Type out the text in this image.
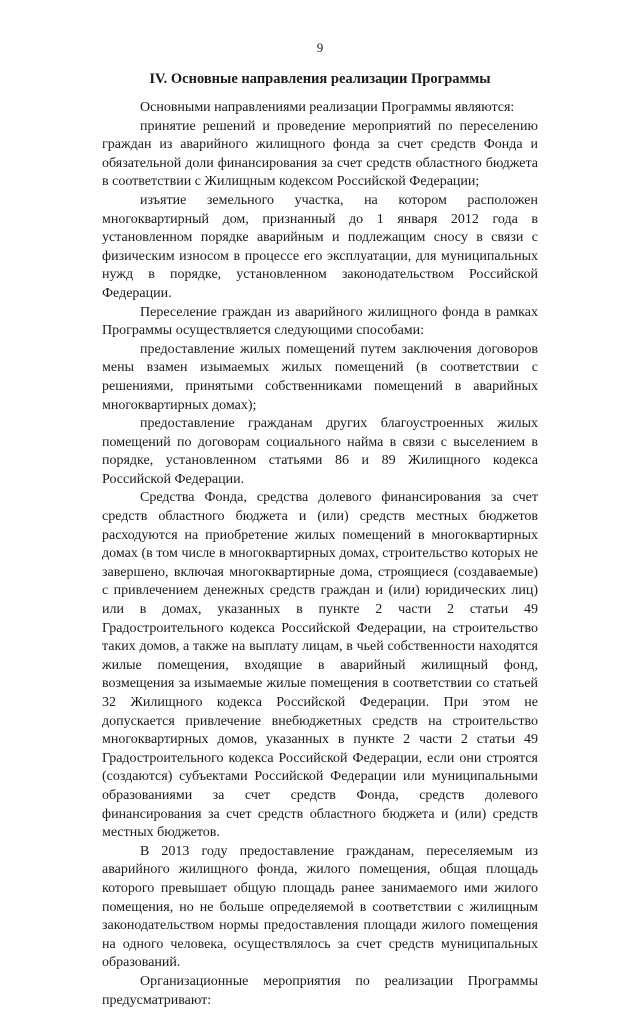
9
IV. Основные направления реализации Программы

Основными направлениями реализации Программы являются:

принятие решений и проведение мероприятий по переселению граждан из аварийного жилищного фонда за счет средств Фонда и обязательной доли финансирования за счет средств областного бюджета в соответствии с Жилищным кодексом Российской Федерации;

изъятие земельного участка, на котором расположен многоквартирный дом, признанный до 1 января 2012 года в установленном порядке аварийным и подлежащим сносу в связи с физическим износом в процессе его эксплуатации, для муниципальных нужд в порядке, установленном законодательством Российской Федерации.

Переселение граждан из аварийного жилищного фонда в рамках Программы осуществляется следующими способами:

предоставление жилых помещений путем заключения договоров мены взамен изымаемых жилых помещений (в соответствии с решениями, принятыми собственниками помещений в аварийных многоквартирных домах);

предоставление гражданам других благоустроенных жилых помещений по договорам социального найма в связи с выселением в порядке, установленном статьями 86 и 89 Жилищного кодекса Российской Федерации.

Средства Фонда, средства долевого финансирования за счет средств областного бюджета и (или) средств местных бюджетов расходуются на приобретение жилых помещений в многоквартирных домах (в том числе в многоквартирных домах, строительство которых не завершено, включая многоквартирные дома, строящиеся (создаваемые) с привлечением денежных средств граждан и (или) юридических лиц) или в домах, указанных в пункте 2 части 2 статьи 49 Градостроительного кодекса Российской Федерации, на строительство таких домов, а также на выплату лицам, в чьей собственности находятся жилые помещения, входящие в аварийный жилищный фонд, возмещения за изымаемые жилые помещения в соответствии со статьей 32 Жилищного кодекса Российской Федерации. При этом не допускается привлечение внебюджетных средств на строительство многоквартирных домов, указанных в пункте 2 части 2 статьи 49 Градостроительного кодекса Российской Федерации, если они строятся (создаются) субъектами Российской Федерации или муниципальными образованиями за счет средств Фонда, средств долевого финансирования за счет средств областного бюджета и (или) средств местных бюджетов.

В 2013 году предоставление гражданам, переселяемым из аварийного жилищного фонда, жилого помещения, общая площадь которого превышает общую площадь ранее занимаемого ими жилого помещения, но не больше определяемой в соответствии с жилищным законодательством нормы предоставления площади жилого помещения на одного человека, осуществлялось за счет средств муниципальных образований.

Организационные мероприятия по реализации Программы предусматривают:
